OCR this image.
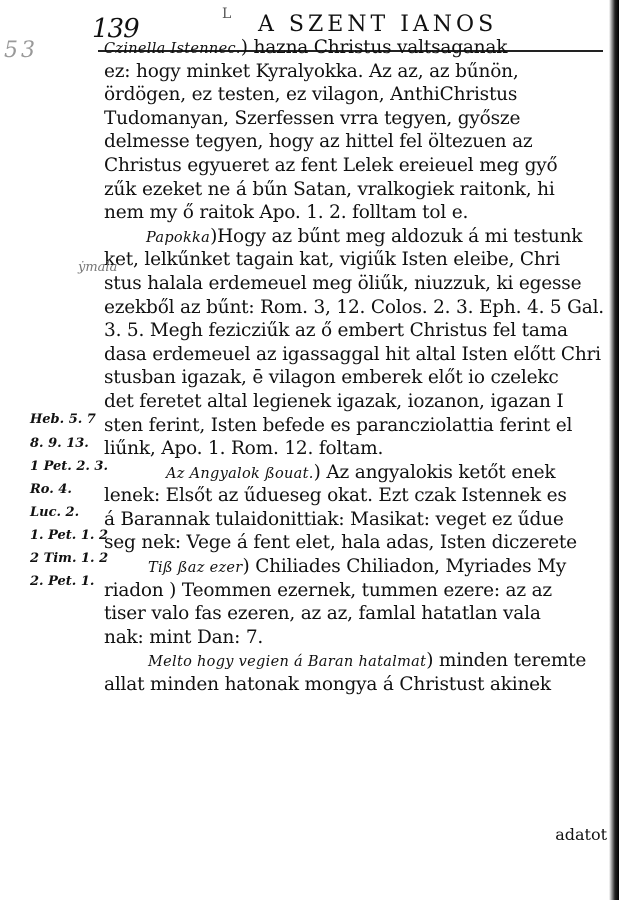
L
139	A SZENT IANOS
53	Czinella Istennec.) hazna Christus valtsaganak
ez: hogy minket Kyralyokka. Az az, az bűnön,
ördögen, ez testen, ez vilagon, AnthiChristus
Tudomanyan, Szerfessen vrra tegyen, győsze
delmesse tegyen, hogy az hittel fel öltezuen az
Christus egyueret az fent Lelek ereieuel meg győ
zűk ezeket ne á bűn Satan, vralkogiek raitonk, hi
nem my ő raitok Apo. 1. 2. folltam tol e.
Papokka)Hogy az bűnt meg aldozuk á mi testunk
ket, lelkűnket tagain kat, vigiűk Isten eleibe, Chri
stus halala erdemeuel meg öliűk, niuzzuk, ki egesse
ezekből az bűnt: Rom. 3, 12. Colos. 2. 3. Eph. 4. 5 Gal.
3. 5. Megh fezicziűk az ő embert Christus fel tama
dasa erdemeuel az igassaggal hit altal Isten előtt Chri
stusban igazak, ē vilagon emberek előt io czelekc
det feretet altal legienek igazak, iozanon, igazan I
sten ferint, Isten befede es parancziolattia ferint el
liűnk, Apo. 1. Rom. 12. foltam.
Az Angyalok ßouat.) Az angyalokis ketőt enek
lenek: Elsőt az űdueseg okat. Ezt czak Istennek es
á Barannak tulaidonittiak: Masikat: veget ez űdue
seg nek: Vege á fent elet, hala adas, Isten diczerete
Tiß ßaz ezer) Chiliades Chiliadon, Myriades My
riadon ) Teommen ezernek, tummen ezere: az az
tiser valo fas ezeren, az az, famlal hatatlan vala
nak: mint Dan: 7.
Melto hogy vegien á Baran hatalmat) minden teremte
allat minden hatonak mongya á Christust akinek
ẏmala
Heb. 5. 7
8. 9. 13.
1 Pet. 2. 3.
Ro. 4.
Luc. 2.
1. Pet. 1. 2
2 Tim. 1. 2
2. Pet. 1.
adatot
